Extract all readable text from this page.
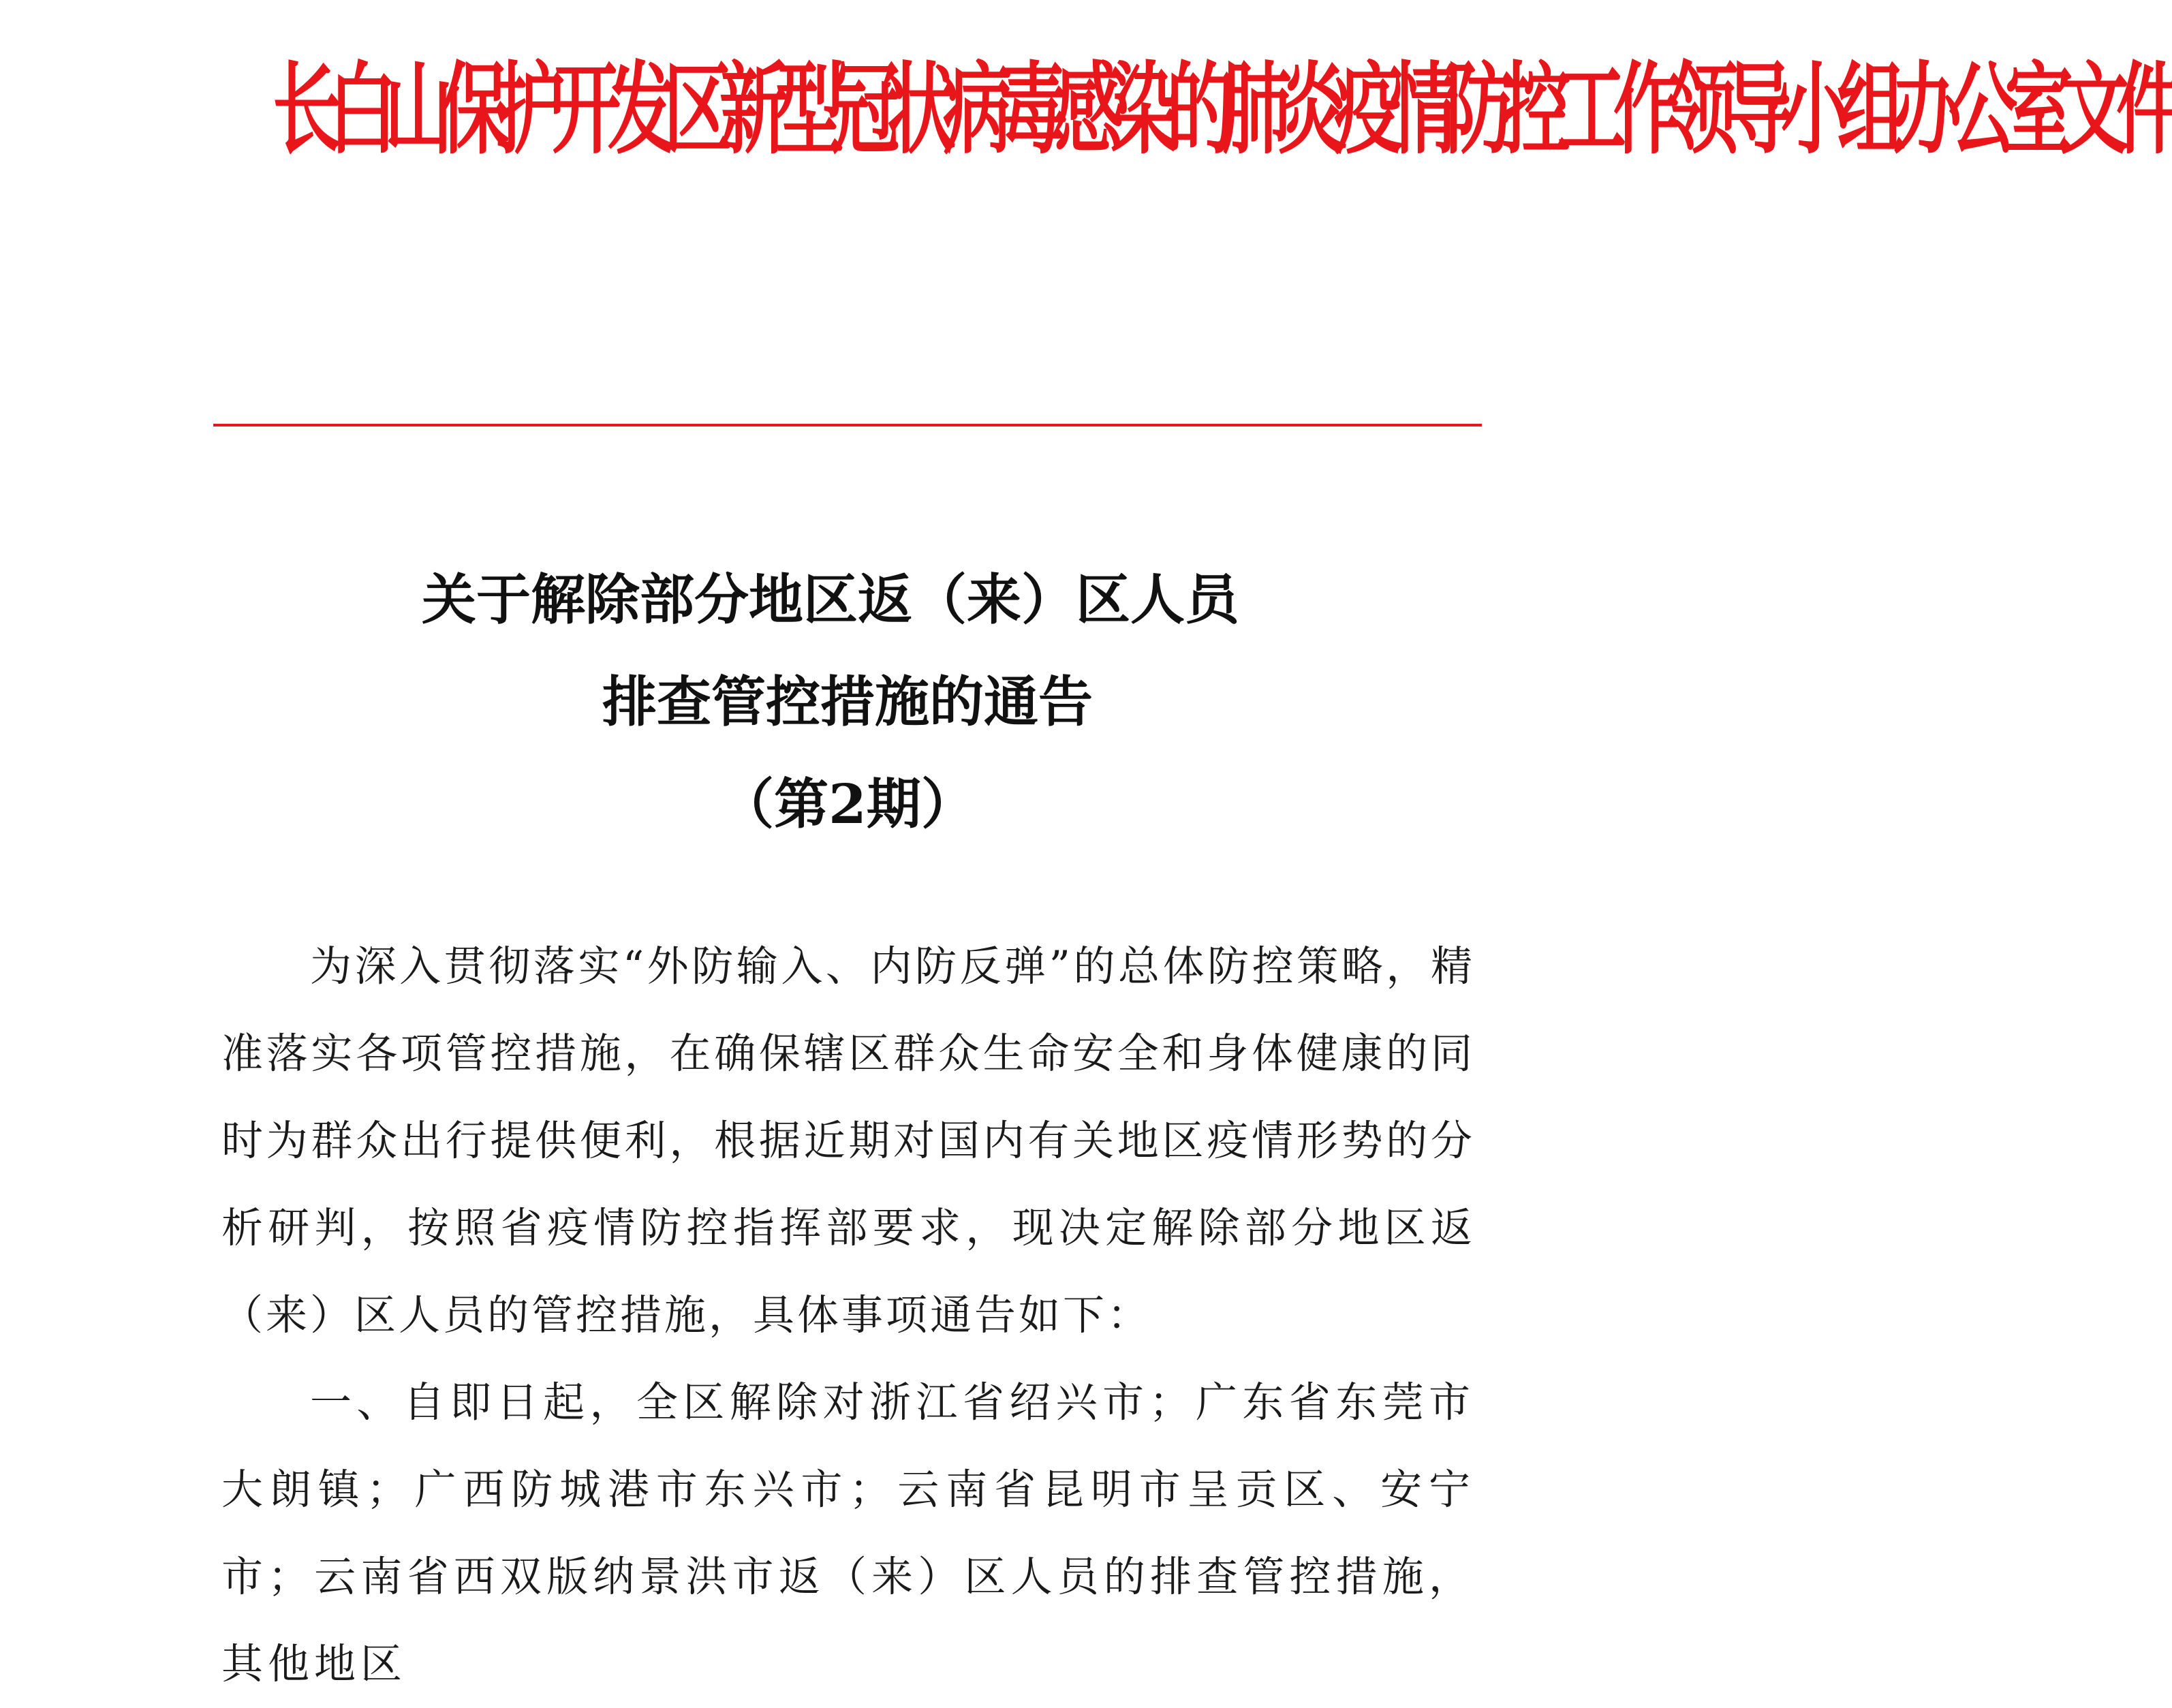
长白山保护开发区新型冠状病毒感染的肺炎疫情防控工作领导小组办公室文件
关于解除部分地区返（来）区人员
排查管控措施的通告
（第2期）

为深入贯彻落实“外防输入、内防反弹”的总体防控策略，精准落实各项管控措施，在确保辖区群众生命安全和身体健康的同时为群众出行提供便利，根据近期对国内有关地区疫情形势的分析研判，按照省疫情防控指挥部要求，现决定解除部分地区返（来）区人员的管控措施，具体事项通告如下：

一、自即日起，全区解除对浙江省绍兴市；广东省东莞市大朗镇；广西防城港市东兴市；云南省昆明市呈贡区、安宁市；云南省西双版纳景洪市返（来）区人员的排查管控措施，其他地区
